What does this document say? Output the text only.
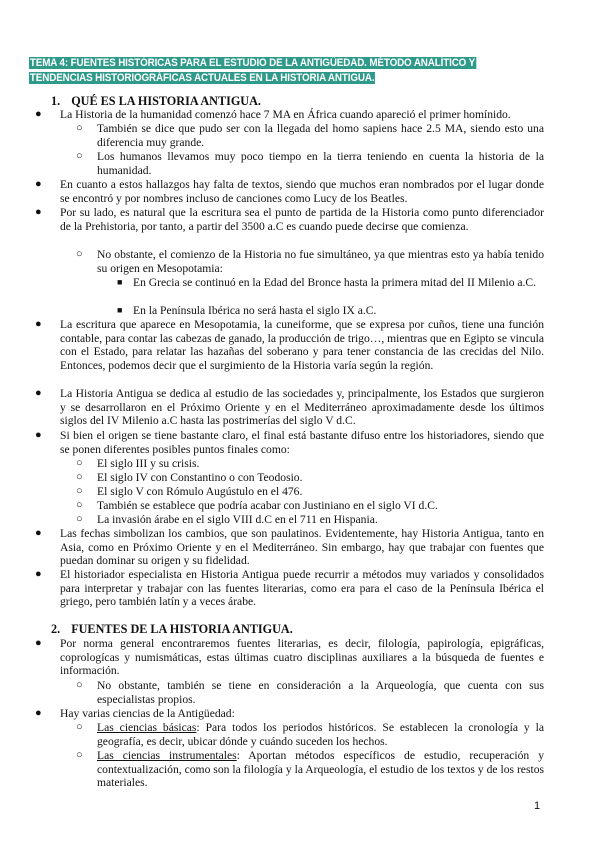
TEMA 4: FUENTES HISTÓRICAS PARA EL ESTUDIO DE LA ANTIGÜEDAD. MÉTODO ANALÍTICO Y TENDENCIAS HISTORIOGRÁFICAS ACTUALES EN LA HISTORIA ANTIGUA.
1. QUÉ ES LA HISTORIA ANTIGUA.
● La Historia de la humanidad comenzó hace 7 MA en África cuando apareció el primer homínido.
○ También se dice que pudo ser con la llegada del homo sapiens hace 2.5 MA, siendo esto una diferencia muy grande.
○ Los humanos llevamos muy poco tiempo en la tierra teniendo en cuenta la historia de la humanidad.
● En cuanto a estos hallazgos hay falta de textos, siendo que muchos eran nombrados por el lugar donde se encontró y por nombres incluso de canciones como Lucy de los Beatles.
● Por su lado, es natural que la escritura sea el punto de partida de la Historia como punto diferenciador de la Prehistoria, por tanto, a partir del 3500 a.C es cuando puede decirse que comienza.
○ No obstante, el comienzo de la Historia no fue simultáneo, ya que mientras esto ya había tenido su origen en Mesopotamia:
■ En Grecia se continuó en la Edad del Bronce hasta la primera mitad del II Milenio a.C.
■ En la Península Ibérica no será hasta el siglo IX a.C.
● La escritura que aparece en Mesopotamia, la cuneiforme, que se expresa por cuños, tiene una función contable, para contar las cabezas de ganado, la producción de trigo…, mientras que en Egipto se vincula con el Estado, para relatar las hazañas del soberano y para tener constancia de las crecidas del Nilo. Entonces, podemos decir que el surgimiento de la Historia varía según la región.
● La Historia Antigua se dedica al estudio de las sociedades y, principalmente, los Estados que surgieron y se desarrollaron en el Próximo Oriente y en el Mediterráneo aproximadamente desde los últimos siglos del IV Milenio a.C hasta las postrimerías del siglo V d.C.
● Si bien el origen se tiene bastante claro, el final está bastante difuso entre los historiadores, siendo que se ponen diferentes posibles puntos finales como:
○ El siglo III y su crisis.
○ El siglo IV con Constantino o con Teodosio.
○ El siglo V con Rómulo Augústulo en el 476.
○ También se establece que podría acabar con Justiniano en el siglo VI d.C.
○ La invasión árabe en el siglo VIII d.C en el 711 en Hispania.
● Las fechas simbolizan los cambios, que son paulatinos. Evidentemente, hay Historia Antigua, tanto en Asia, como en Próximo Oriente y en el Mediterráneo. Sin embargo, hay que trabajar con fuentes que puedan dominar su origen y su fidelidad.
● El historiador especialista en Historia Antigua puede recurrir a métodos muy variados y consolidados para interpretar y trabajar con las fuentes literarias, como era para el caso de la Península Ibérica el griego, pero también latín y a veces árabe.
2. FUENTES DE LA HISTORIA ANTIGUA.
● Por norma general encontraremos fuentes literarias, es decir, filología, papirología, epigráficas, coprologícas y numismáticas, estas últimas cuatro disciplinas auxiliares a la búsqueda de fuentes e información.
○ No obstante, también se tiene en consideración a la Arqueología, que cuenta con sus especialistas propios.
● Hay varias ciencias de la Antigüedad:
○ Las ciencias básicas: Para todos los periodos históricos. Se establecen la cronología y la geografía, es decir, ubicar dónde y cuándo suceden los hechos.
○ Las ciencias instrumentales: Aportan métodos específicos de estudio, recuperación y contextualización, como son la filología y la Arqueología, el estudio de los textos y de los restos materiales.
1
